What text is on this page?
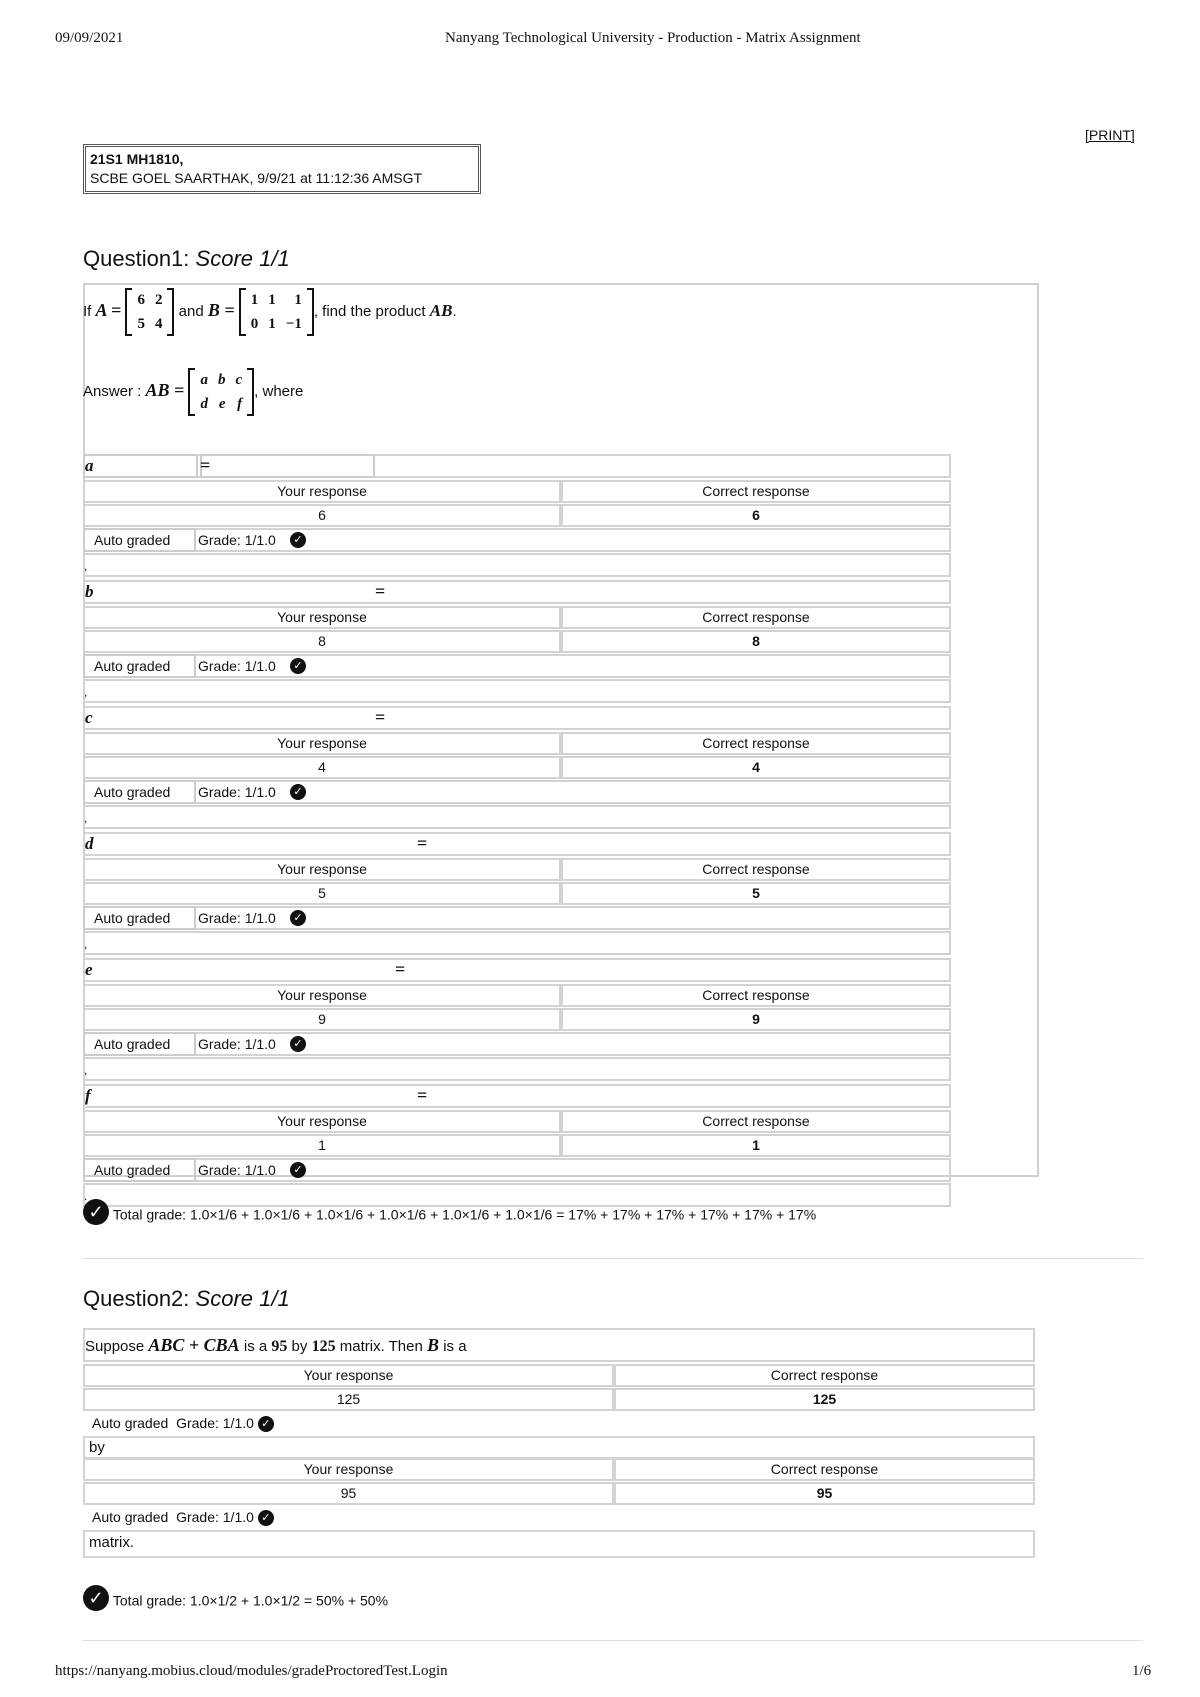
09/09/2021	Nanyang Technological University - Production - Matrix Assignment
[PRINT]
21S1 MH1810,
SCBE GOEL SAARTHAK, 9/9/21 at 11:12:36 AMSGT
Question1: Score 1/1
If A = 6	2
5	4
and B = 1	1	1
0	1	−1
, find the product AB.
Answer : AB = a	b	c
d	e	f
, where
a	=
Your response	Correct response
6	6
Auto graded Grade: 1/1.0	✓
,
b	=
Your response	Correct response
8	8
Auto graded Grade: 1/1.0	✓
,
c	=
Your response	Correct response
4	4
Auto graded Grade: 1/1.0	✓
,
d	=
Your response	Correct response
5	5
Auto graded Grade: 1/1.0	✓
,
e	=
Your response	Correct response
9	9
Auto graded Grade: 1/1.0	✓
,
f	=
Your response	Correct response
1	1
Auto graded Grade: 1/1.0	✓
.
✓ Total grade: 1.0×1/6 + 1.0×1/6 + 1.0×1/6 + 1.0×1/6 + 1.0×1/6 + 1.0×1/6 = 17% + 17% + 17% + 17% + 17% + 17%
Question2: Score 1/1
Suppose ABC + CBA is a 95 by 125 matrix. Then B is a
Your response	Correct response
125	125
Auto graded Grade: 1/1.0 ✓
by
Your response	Correct response
95	95
Auto graded Grade: 1/1.0 ✓
matrix.
✓ Total grade: 1.0×1/2 + 1.0×1/2 = 50% + 50%
https://nanyang.mobius.cloud/modules/gradeProctoredTest.Login	1/6
